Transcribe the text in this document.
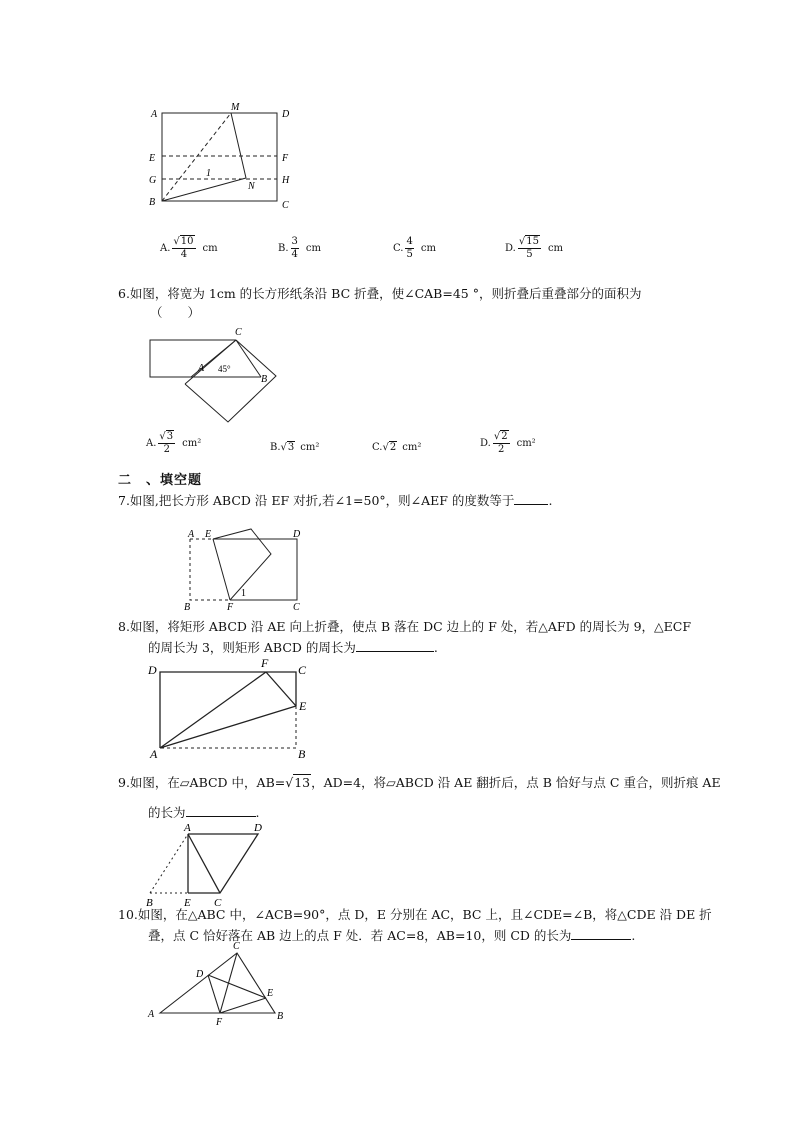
A
M
D
E	F
G	H
B	C
N
1
A. $\frac{√10}{4}$ cm	B. $\frac{3}{4}$ cm	C. $\frac{4}{5}$ cm	D. $\frac{√15}{5}$ cm
6.如图，将宽为 1cm 的长方形纸条沿 BC 折叠，使∠CAB=45 °，则折叠后重叠部分的面积为
（　　）
C
A
B
45°
A. $\frac{√3}{2} cm^2$	B.√3 cm²	C.√2 cm²	D. $\frac{√2}{2} cm^2$
二　、填空题
7.如图,把长方形 ABCD 沿 EF 对折,若∠1=50°，则∠AEF 的度数等于	.
A E	D
B	F	C
1
8.如图，将矩形 ABCD 沿 AE 向上折叠，使点 B 落在 DC 边上的 F 处，若△AFD 的周长为 9，△ECF
的周长为 3，则矩形 ABCD 的周长为	.
D	F C
E
A	B
9.如图，在▱ABCD 中，AB=√13，AD=4，将▱ABCD 沿 AE 翻折后，点 B 恰好与点 C 重合，则折痕 AE
的长为	.
A	D
B	E C
10.如图，在△ABC 中，∠ACB=90°，点 D，E 分别在 AC，BC 上，且∠CDE=∠B，将△CDE 沿 DE 折
叠，点 C 恰好落在 AB 边上的点 F 处．若 AC=8，AB=10，则 CD 的长为	.
C
D
E
A
F
B
